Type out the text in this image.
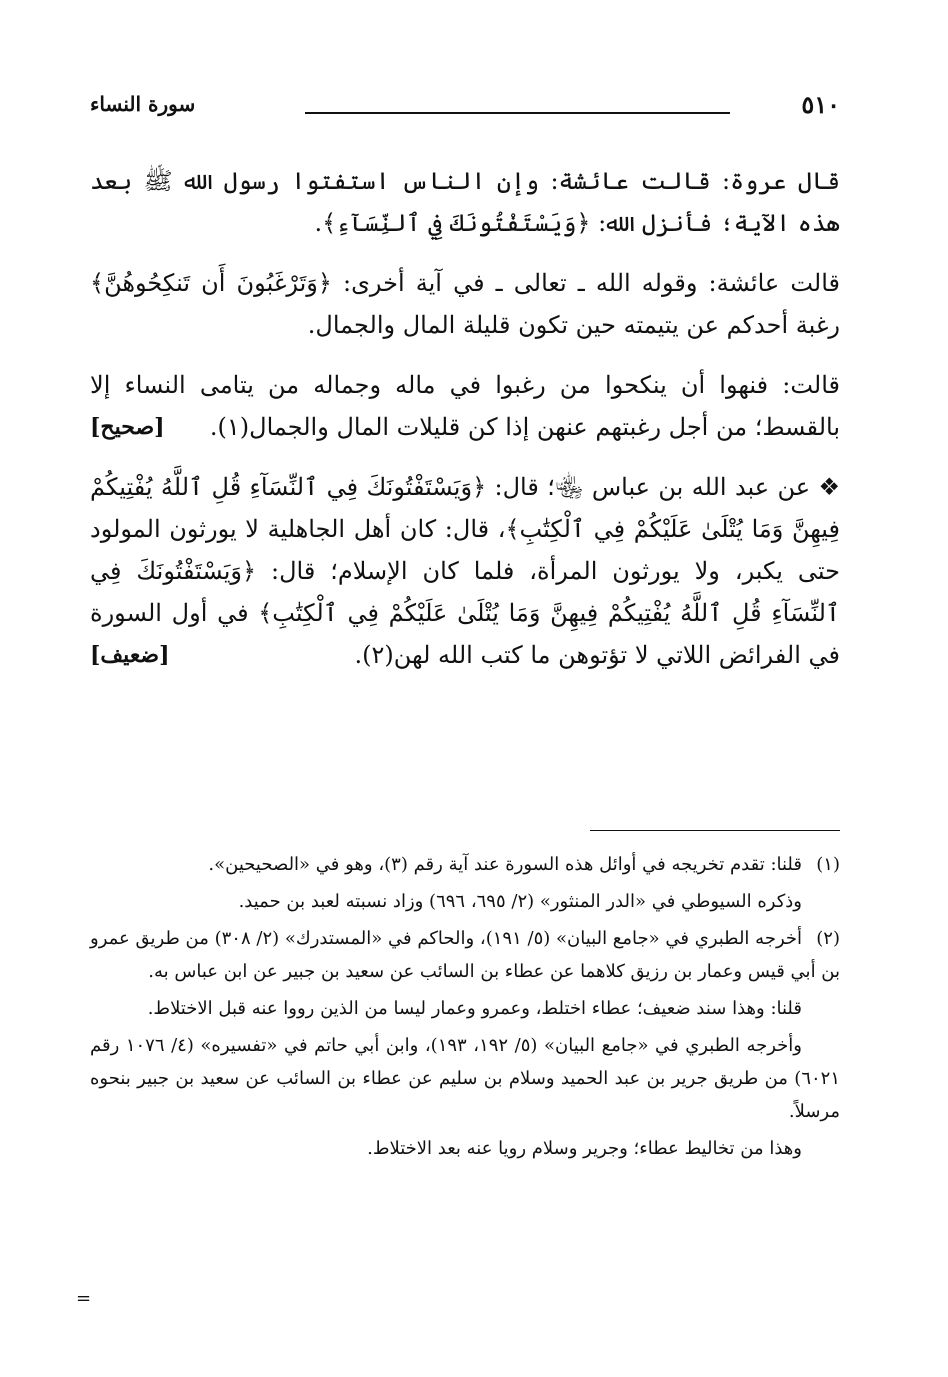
٥١٠
سورة النساء

قال عروة: قالت عائشة: وإن الناس استفتوا رسول الله ﷺ بعد هذه الآية؛ فأنزل الله: ﴿وَيَسْتَفْتُونَكَ فِي ٱلنِّسَآءِ﴾.

قالت عائشة: وقوله الله ـ تعالى ـ في آية أخرى: ﴿وَتَرْغَبُونَ أَن تَنكِحُوهُنَّ﴾ رغبة أحدكم عن يتيمته حين تكون قليلة المال والجمال.

قالت: فنهوا أن ينكحوا من رغبوا في ماله وجماله من يتامى النساء إلا بالقسط؛ من أجل رغبتهم عنهن إذا كن قليلات المال والجمال(١).
[صحيح]

❖ عن عبد الله بن عباس ﵄؛ قال: ﴿وَيَسْتَفْتُونَكَ فِي ٱلنِّسَآءِ قُلِ ٱللَّهُ يُفْتِيكُمْ فِيهِنَّ وَمَا يُتْلَىٰ عَلَيْكُمْ فِي ٱلْكِتَٰبِ﴾، قال: كان أهل الجاهلية لا يورثون المولود حتى يكبر، ولا يورثون المرأة، فلما كان الإسلام؛ قال: ﴿وَيَسْتَفْتُونَكَ فِي ٱلنِّسَآءِ قُلِ ٱللَّهُ يُفْتِيكُمْ فِيهِنَّ وَمَا يُتْلَىٰ عَلَيْكُمْ فِي ٱلْكِتَٰبِ﴾ في أول السورة في الفرائض اللاتي لا تؤتوهن ما كتب الله لهن(٢).
[ضعيف]

(١)قلنا: تقدم تخريجه في أوائل هذه السورة عند آية رقم (٣)، وهو في «الصحيحين».

وذكره السيوطي في «الدر المنثور» (٢/ ٦٩٥، ٦٩٦) وزاد نسبته لعبد بن حميد.

(٢)أخرجه الطبري في «جامع البيان» (٥/ ١٩١)، والحاكم في «المستدرك» (٢/ ٣٠٨) من طريق عمرو بن أبي قيس وعمار بن رزيق كلاهما عن عطاء بن السائب عن سعيد بن جبير عن ابن عباس به.

قلنا: وهذا سند ضعيف؛ عطاء اختلط، وعمرو وعمار ليسا من الذين رووا عنه قبل الاختلاط.

وأخرجه الطبري في «جامع البيان» (٥/ ١٩٢، ١٩٣)، وابن أبي حاتم في «تفسيره» (٤/ ١٠٧٦ رقم ٦٠٢١) من طريق جرير بن عبد الحميد وسلام بن سليم عن عطاء بن السائب عن سعيد بن جبير بنحوه مرسلاً.

وهذا من تخاليط عطاء؛ وجرير وسلام رويا عنه بعد الاختلاط.

=
